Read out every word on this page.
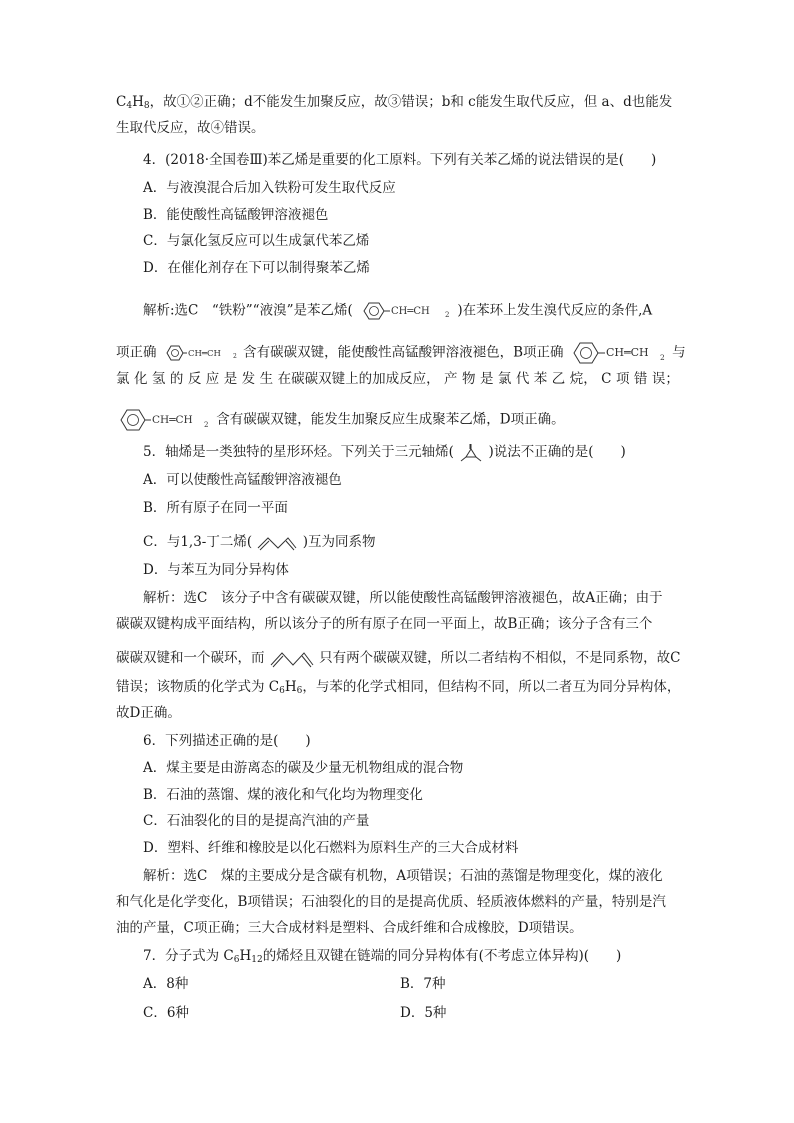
$C_4H_8$，故①②正确；d不能发生加聚反应，故③错误；b和 c能发生取代反应，但 a、d也能发
生取代反应，故④错误。
4．(2018·全国卷Ⅲ)苯乙烯是重要的化工原料。下列有关苯乙烯的说法错误的是(　　)
A．与液溴混合后加入铁粉可发生取代反应
B．能使酸性高锰酸钾溶液褪色
C．与氯化氢反应可以生成氯代苯乙烯
D．在催化剂存在下可以制得聚苯乙烯
解析:选C　“铁粉”“液溴”是苯乙烯(	CH═CH 2 )在苯环上发生溴代反应的条件,A
项正确	CH═CH 2 含有碳碳双键，能使酸性高锰酸钾溶液褪色，B项正确	CH═CH 2 与
氯 化 氢 的 反 应 是 发 生 在碳碳双键上的加成反应， 产 物 是 氯 代 苯 乙 烷， C 项 错 误；
CH═CH 2 含有碳碳双键，能发生加聚反应生成聚苯乙烯，D项正确。
5．轴烯是一类独特的星形环烃。下列关于三元轴烯(	)说法不正确的是(　　)
A．可以使酸性高锰酸钾溶液褪色
B．所有原子在同一平面
C．与1,3-丁二烯(	)互为同系物
D．与苯互为同分异构体
解析：选C　该分子中含有碳碳双键，所以能使酸性高锰酸钾溶液褪色，故A正确；由于
碳碳双键构成平面结构，所以该分子的所有原子在同一平面上，故B正确；该分子含有三个
碳碳双键和一个碳环，而	只有两个碳碳双键，所以二者结构不相似，不是同系物，故C
错误；该物质的化学式为 $C_6H_6$，与苯的化学式相同，但结构不同，所以二者互为同分异构体，
故D正确。
6．下列描述正确的是(　　)
A．煤主要是由游离态的碳及少量无机物组成的混合物
B．石油的蒸馏、煤的液化和气化均为物理变化
C．石油裂化的目的是提高汽油的产量
D．塑料、纤维和橡胶是以化石燃料为原料生产的三大合成材料
解析：选C　煤的主要成分是含碳有机物，A项错误；石油的蒸馏是物理变化，煤的液化
和气化是化学变化，B项错误；石油裂化的目的是提高优质、轻质液体燃料的产量，特别是汽
油的产量，C项正确；三大合成材料是塑料、合成纤维和合成橡胶，D项错误。
7．分子式为 $C_6H_{12}$的烯烃且双键在链端的同分异构体有(不考虑立体异构)(　　)
A．8种	B．7种
C．6种	D．5种
